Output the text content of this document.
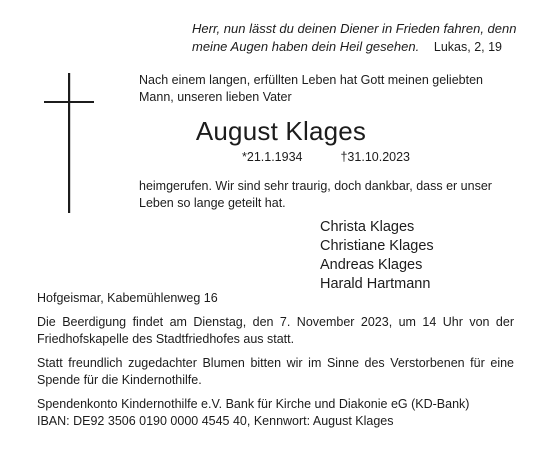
Herr, nun lässt du deinen Diener in Frieden fahren, denn
meine Augen haben dein Heil gesehen.	Lukas, 2, 19
Nach einem langen, erfüllten Leben hat Gott meinen geliebten
Mann, unseren lieben Vater
August Klages
*21.1.1934	†31.10.2023
heimgerufen. Wir sind sehr traurig, doch dankbar, dass er unser
Leben so lange geteilt hat.
Christa Klages
Christiane Klages
Andreas Klages
Harald Hartmann
Hofgeismar, Kabemühlenweg 16
Die Beerdigung findet am Dienstag, den 7. November 2023, um 14 Uhr von der
Friedhofskapelle des Stadtfriedhofes aus statt.
Statt freundlich zugedachter Blumen bitten wir im Sinne des Verstorbenen für eine
Spende für die Kindernothilfe.
Spendenkonto Kindernothilfe e.V. Bank für Kirche und Diakonie eG (KD-Bank)
IBAN: DE92 3506 0190 0000 4545 40, Kennwort: August Klages
